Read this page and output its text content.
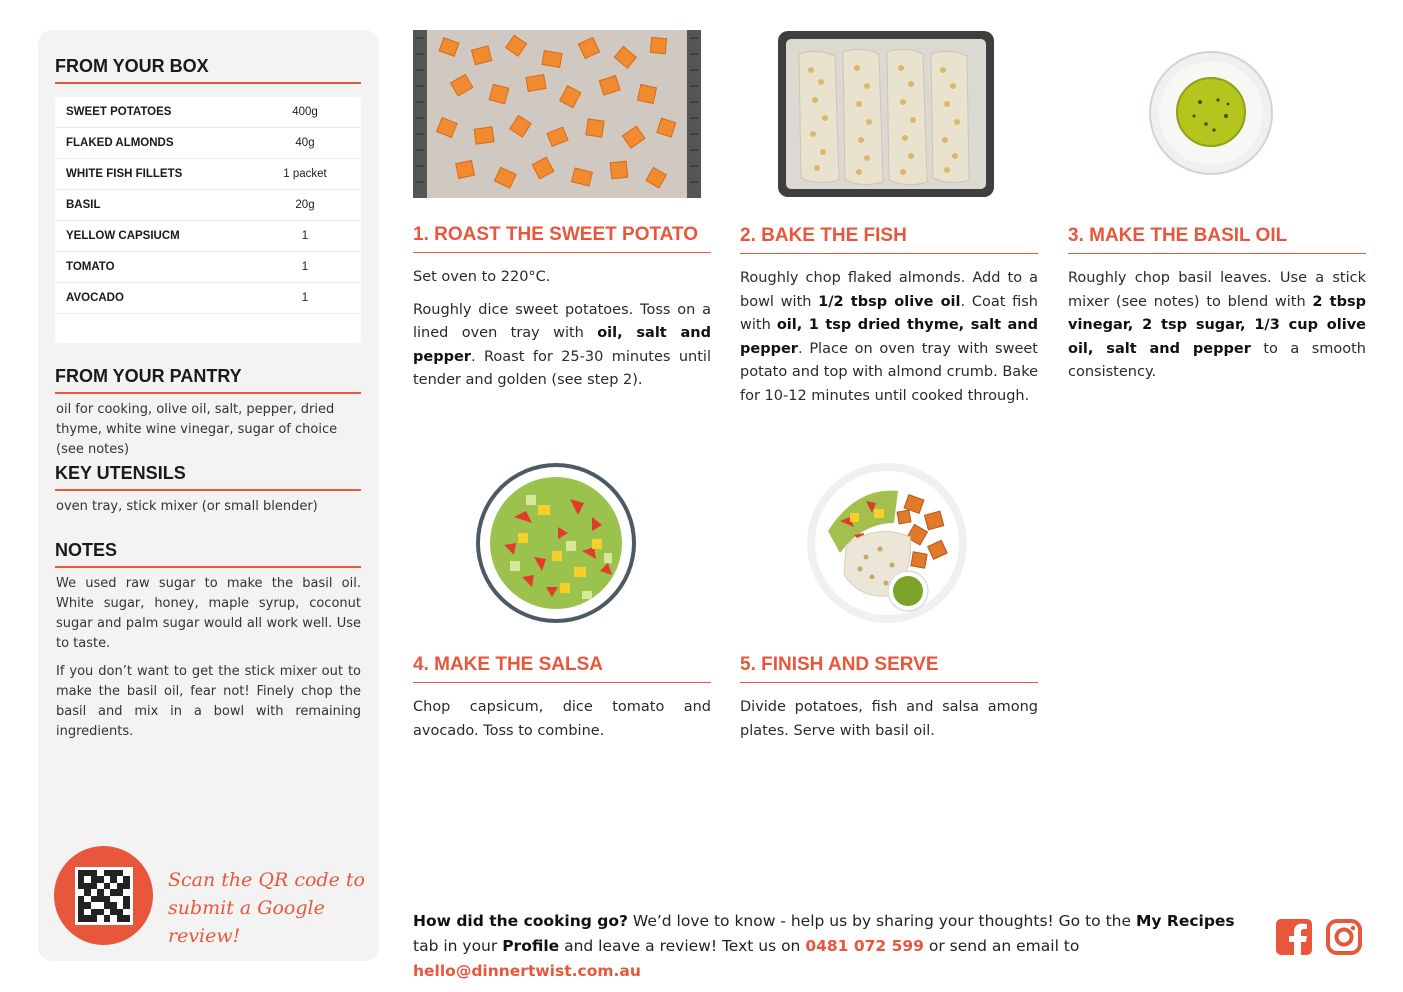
FROM YOUR BOX
SWEET POTATOES	400g
FLAKED ALMONDS	40g
WHITE FISH FILLETS	1 packet
BASIL	20g
YELLOW CAPSIUCM	1
TOMATO	1
AVOCADO	1
FROM YOUR PANTRY
oil for cooking, olive oil, salt, pepper, dried thyme, white wine vinegar, sugar of choice (see notes)
KEY UTENSILS
oven tray, stick mixer (or small blender)
NOTES

We used raw sugar to make the basil oil. White sugar, honey, maple syrup, coconut sugar and palm sugar would all work well. Use to taste.

If you don’t want to get the stick mixer out to make the basil oil, fear not! Finely chop the basil and mix in a bowl with remaining ingredients.

Scan the QR code to
submit a Google review!
1. ROAST THE SWEET POTATO

Set oven to 220°C.

Roughly dice sweet potatoes. Toss on a lined oven tray with oil, salt and pepper. Roast for 25-30 minutes until tender and golden (see step 2).

2. BAKE THE FISH

Roughly chop flaked almonds. Add to a bowl with 1/2 tbsp olive oil. Coat fish with oil, 1 tsp dried thyme, salt and pepper. Place on oven tray with sweet potato and top with almond crumb. Bake for 10-12 minutes until cooked through.

3. MAKE THE BASIL OIL

Roughly chop basil leaves. Use a stick mixer (see notes) to blend with 2 tbsp vinegar, 2 tsp sugar, 1/3 cup olive oil, salt and pepper to a smooth consistency.

4. MAKE THE SALSA

Chop capsicum, dice tomato and avocado. Toss to combine.

5. FINISH AND SERVE

Divide potatoes, fish and salsa among plates. Serve with basil oil.

How did the cooking go? We’d love to know - help us by sharing your thoughts! Go to the My Recipes tab in your Profile and leave a review! Text us on 0481 072 599 or send an email to hello@dinnertwist.com.au
